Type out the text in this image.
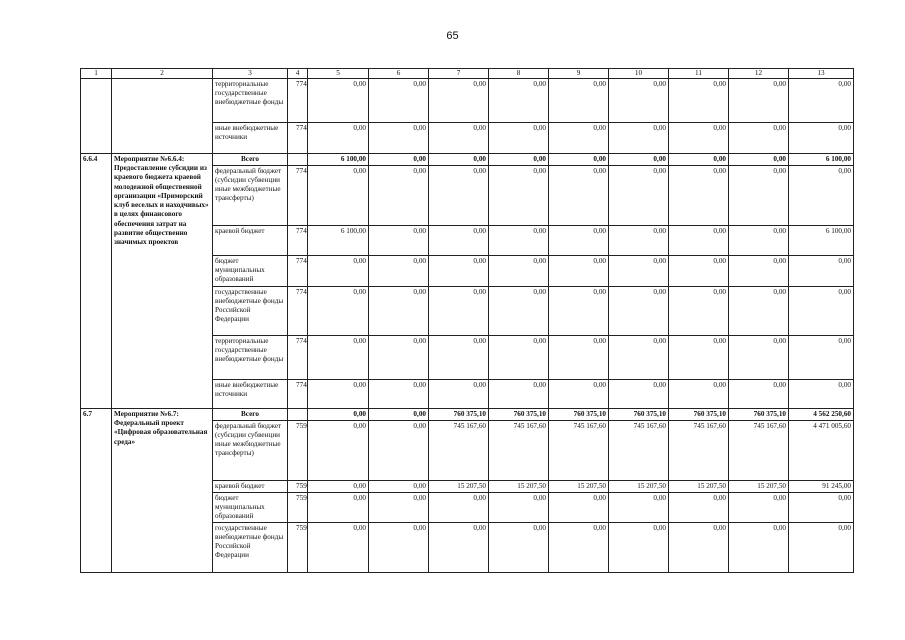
65
1	2	3	4	5	6	7	8	9	10	11	12	13
		территориальные государственные внебюджетные фонды	774	0,00	0,00	0,00	0,00	0,00	0,00	0,00	0,00	0,00
		иные внебюджетные источники	774	0,00	0,00	0,00	0,00	0,00	0,00	0,00	0,00	0,00
6.6.4	Мероприятие №6.6.4: Предоставление субсидии из краевого бюджета краевой молодежной общественной организации «Приморский клуб веселых и находчивых» в целях финансового обеспечения затрат на развитие общественно значимых проектов	Всего		6 100,00	0,00	0,00	0,00	0,00	0,00	0,00	0,00	6 100,00
		федеральный бюджет (субсидии субвенции иные межбюджетные трансферты)	774	0,00	0,00	0,00	0,00	0,00	0,00	0,00	0,00	0,00
		краевой бюджет	774	6 100,00	0,00	0,00	0,00	0,00	0,00	0,00	0,00	6 100,00
		бюджет муниципальных образований	774	0,00	0,00	0,00	0,00	0,00	0,00	0,00	0,00	0,00
		государственные внебюджетные фонды Российской Федерации	774	0,00	0,00	0,00	0,00	0,00	0,00	0,00	0,00	0,00
		территориальные государственные внебюджетные фонды	774	0,00	0,00	0,00	0,00	0,00	0,00	0,00	0,00	0,00
		иные внебюджетные источники	774	0,00	0,00	0,00	0,00	0,00	0,00	0,00	0,00	0,00
6.7	Мероприятие №6.7: Федеральный проект «Цифровая образовательная среда»	Всего		0,00	0,00	760 375,10	760 375,10	760 375,10	760 375,10	760 375,10	760 375,10	4 562 250,60
		федеральный бюджет (субсидии субвенции иные межбюджетные трансферты)	759	0,00	0,00	745 167,60	745 167,60	745 167,60	745 167,60	745 167,60	745 167,60	4 471 005,60
		краевой бюджет	759	0,00	0,00	15 207,50	15 207,50	15 207,50	15 207,50	15 207,50	15 207,50	91 245,00
		бюджет муниципальных образований	759	0,00	0,00	0,00	0,00	0,00	0,00	0,00	0,00	0,00
		государственные внебюджетные фонды Российской Федерации	759	0,00	0,00	0,00	0,00	0,00	0,00	0,00	0,00	0,00
